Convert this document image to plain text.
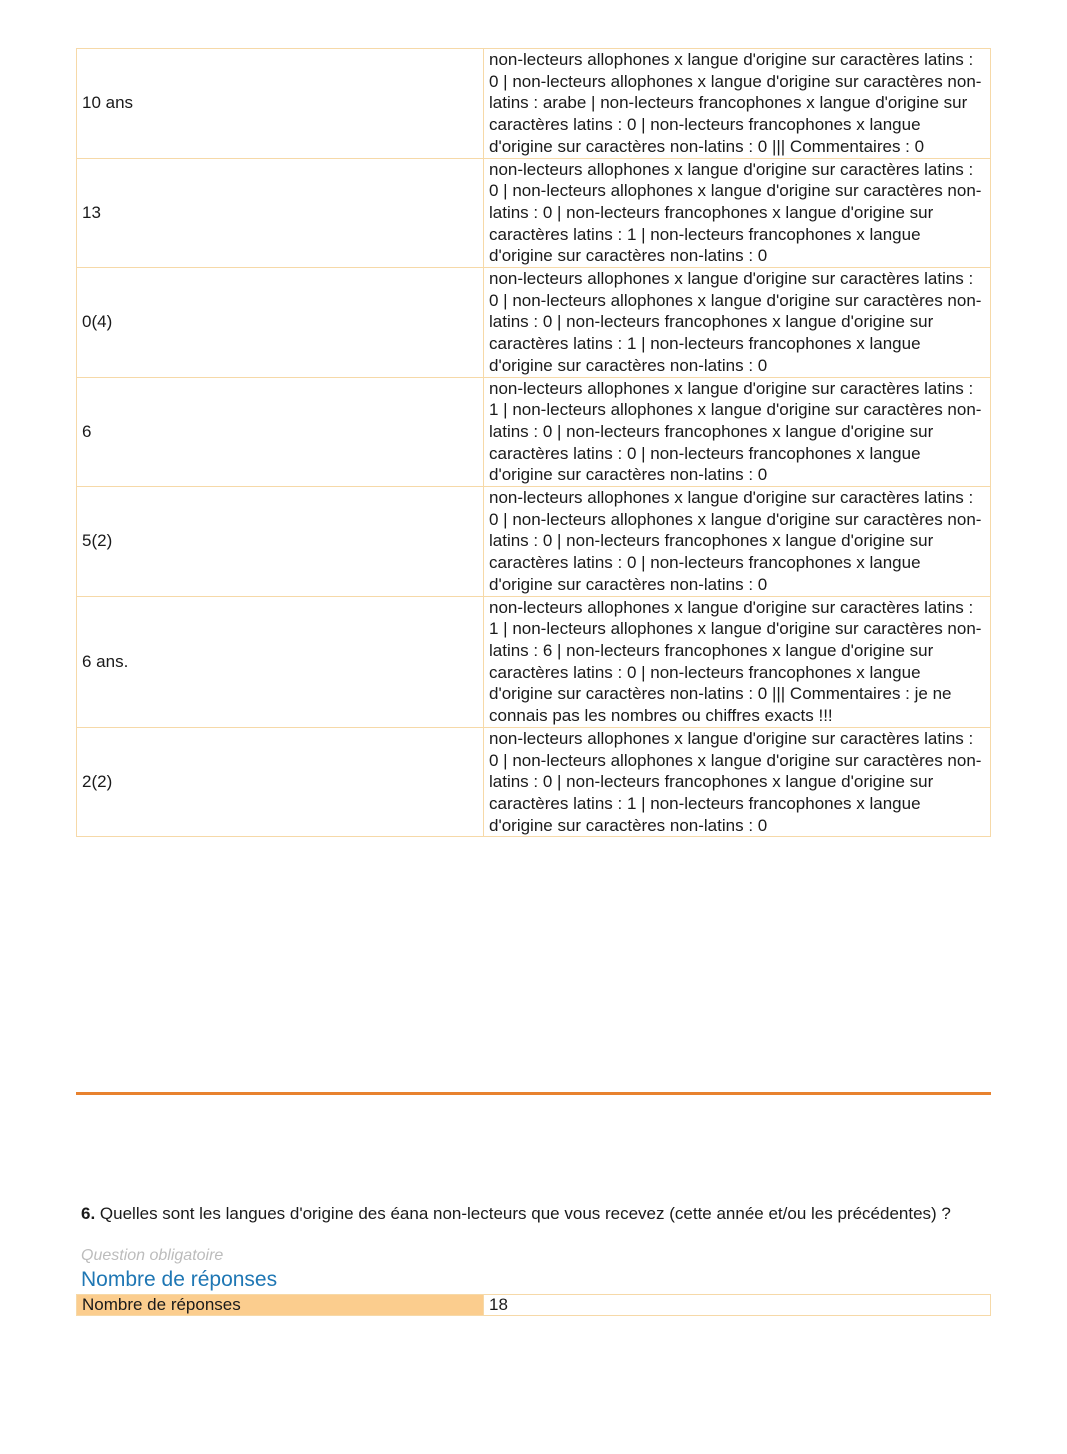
10 ans	non-lecteurs allophones x langue d'origine sur caractères latins : 0 | non-lecteurs allophones x langue d'origine sur caractères non-latins : arabe | non-lecteurs francophones x langue d'origine sur caractères latins : 0 | non-lecteurs francophones x langue d'origine sur caractères non-latins : 0 ||| Commentaires : 0
13	non-lecteurs allophones x langue d'origine sur caractères latins : 0 | non-lecteurs allophones x langue d'origine sur caractères non-latins : 0 | non-lecteurs francophones x langue d'origine sur caractères latins : 1 | non-lecteurs francophones x langue d'origine sur caractères non-latins : 0
0(4)	non-lecteurs allophones x langue d'origine sur caractères latins : 0 | non-lecteurs allophones x langue d'origine sur caractères non-latins : 0 | non-lecteurs francophones x langue d'origine sur caractères latins : 1 | non-lecteurs francophones x langue d'origine sur caractères non-latins : 0
6	non-lecteurs allophones x langue d'origine sur caractères latins : 1 | non-lecteurs allophones x langue d'origine sur caractères non-latins : 0 | non-lecteurs francophones x langue d'origine sur caractères latins : 0 | non-lecteurs francophones x langue d'origine sur caractères non-latins : 0
5(2)	non-lecteurs allophones x langue d'origine sur caractères latins : 0 | non-lecteurs allophones x langue d'origine sur caractères non-latins : 0 | non-lecteurs francophones x langue d'origine sur caractères latins : 0 | non-lecteurs francophones x langue d'origine sur caractères non-latins : 0
6 ans.	non-lecteurs allophones x langue d'origine sur caractères latins : 1 | non-lecteurs allophones x langue d'origine sur caractères non-latins : 6 | non-lecteurs francophones x langue d'origine sur caractères latins : 0 | non-lecteurs francophones x langue d'origine sur caractères non-latins : 0 ||| Commentaires : je ne connais pas les nombres ou chiffres exacts !!!
2(2)	non-lecteurs allophones x langue d'origine sur caractères latins : 0 | non-lecteurs allophones x langue d'origine sur caractères non-latins : 0 | non-lecteurs francophones x langue d'origine sur caractères latins : 1 | non-lecteurs francophones x langue d'origine sur caractères non-latins : 0
6. Quelles sont les langues d'origine des éana non-lecteurs que vous recevez (cette année et/ou les précédentes) ?
Question obligatoire
Nombre de réponses
Nombre de réponses	18
